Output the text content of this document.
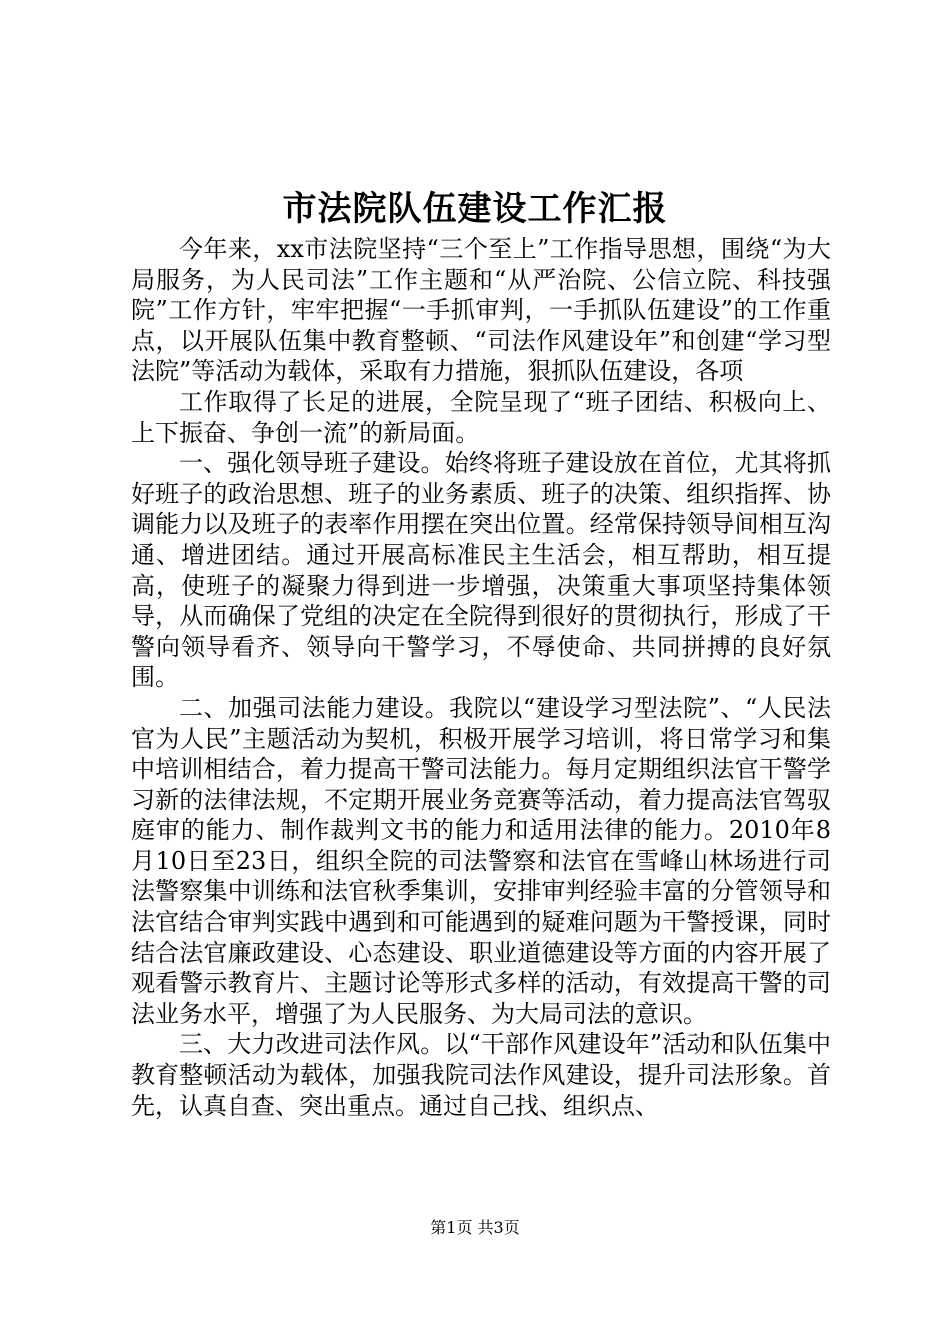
市法院队伍建设工作汇报

今年来，xx市法院坚持“三个至上”工作指导思想，围绕“为大局服务，为人民司法”工作主题和“从严治院、公信立院、科技强院”工作方针，牢牢把握“一手抓审判，一手抓队伍建设”的工作重点，以开展队伍集中教育整顿、“司法作风建设年”和创建“学习型法院”等活动为载体，采取有力措施，狠抓队伍建设，各项

工作取得了长足的进展，全院呈现了“班子团结、积极向上、上下振奋、争创一流”的新局面。

一、强化领导班子建设。始终将班子建设放在首位，尤其将抓好班子的政治思想、班子的业务素质、班子的决策、组织指挥、协调能力以及班子的表率作用摆在突出位置。经常保持领导间相互沟通、增进团结。通过开展高标准民主生活会，相互帮助，相互提高，使班子的凝聚力得到进一步增强，决策重大事项坚持集体领导，从而确保了党组的决定在全院得到很好的贯彻执行，形成了干警向领导看齐、领导向干警学习，不辱使命、共同拼搏的良好氛围。

二、加强司法能力建设。我院以“建设学习型法院”、“人民法官为人民”主题活动为契机，积极开展学习培训，将日常学习和集中培训相结合，着力提高干警司法能力。每月定期组织法官干警学习新的法律法规，不定期开展业务竞赛等活动，着力提高法官驾驭庭审的能力、制作裁判文书的能力和适用法律的能力。2010年8月10日至23日，组织全院的司法警察和法官在雪峰山林场进行司法警察集中训练和法官秋季集训，安排审判经验丰富的分管领导和法官结合审判实践中遇到和可能遇到的疑难问题为干警授课，同时结合法官廉政建设、心态建设、职业道德建设等方面的内容开展了观看警示教育片、主题讨论等形式多样的活动，有效提高干警的司法业务水平，增强了为人民服务、为大局司法的意识。

三、大力改进司法作风。以“干部作风建设年”活动和队伍集中教育整顿活动为载体，加强我院司法作风建设，提升司法形象。首先，认真自查、突出重点。通过自己找、组织点、

第1页 共3页
